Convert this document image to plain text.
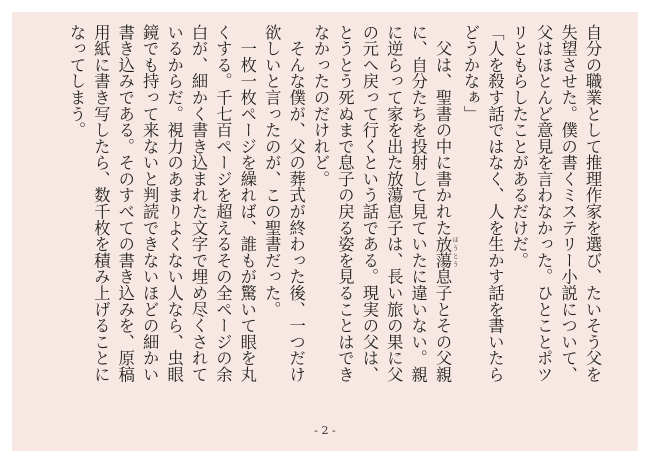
自分の職業として推理作家を選び、たいそう父を
失望させた。僕の書くミステリー小説について、
父はほとんど意見を言わなかった。ひとことポツ
リともらしたことがあるだけだ。
「人を殺す話ではなく、人を生かす話を書いたら
どうかなぁ」
　父は、聖書の中に書かれた放蕩 ほうとう息子とその父親
に、自分たちを投射して見ていたに違いない。親
に逆らって家を出た放蕩息子は、長い旅の果に父
の元へ戻って行くという話である。現実の父は、
とうとう死ぬまで息子の戻る姿を見ることはでき
なかったのだけれど。
　そんな僕が、父の葬式が終わった後、一つだけ
欲しいと言ったのが、この聖書だった。
　一枚一枚ページを繰れば、誰もが驚いて眼を丸
くする。千七百ページを超えるその全ページの余
白が、細かく書き込まれた文字で埋め尽くされて
いるからだ。視力のあまりよくない人なら、虫眼
鏡でも持って来ないと判読できないほどの細かい
書き込みである。そのすべての書き込みを、原稿
用紙に書き写したら、数千枚を積み上げることに
なってしまう。
- 2 -
